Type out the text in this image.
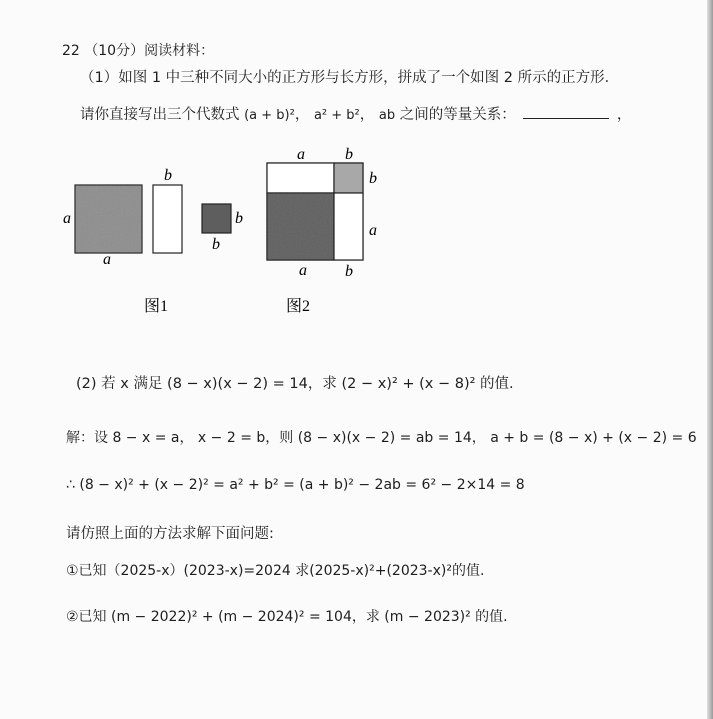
22 （10分）阅读材料：
（1）如图 1 中三种不同大小的正方形与长方形，拼成了一个如图 2 所示的正方形．
请你直接写出三个代数式 (a + b)²， a² + b²， ab 之间的等量关系：	，
b
a
a
b
b
a	b
b
a
a b
图1	图2
(2) 若 x 满足 (8 − x)(x − 2) = 14，求 (2 − x)² + (x − 8)² 的值.
解：设 8 − x = a， x − 2 = b，则 (8 − x)(x − 2) = ab = 14， a + b = (8 − x) + (x − 2) = 6
∴ (8 − x)² + (x − 2)² = a² + b² = (a + b)² − 2ab = 6² − 2×14 = 8
请仿照上面的方法求解下面问题:
①已知（2025-x）(2023-x)=2024 求(2025-x)²+(2023-x)²的值.
②已知 (m − 2022)² + (m − 2024)² = 104，求 (m − 2023)² 的值.
